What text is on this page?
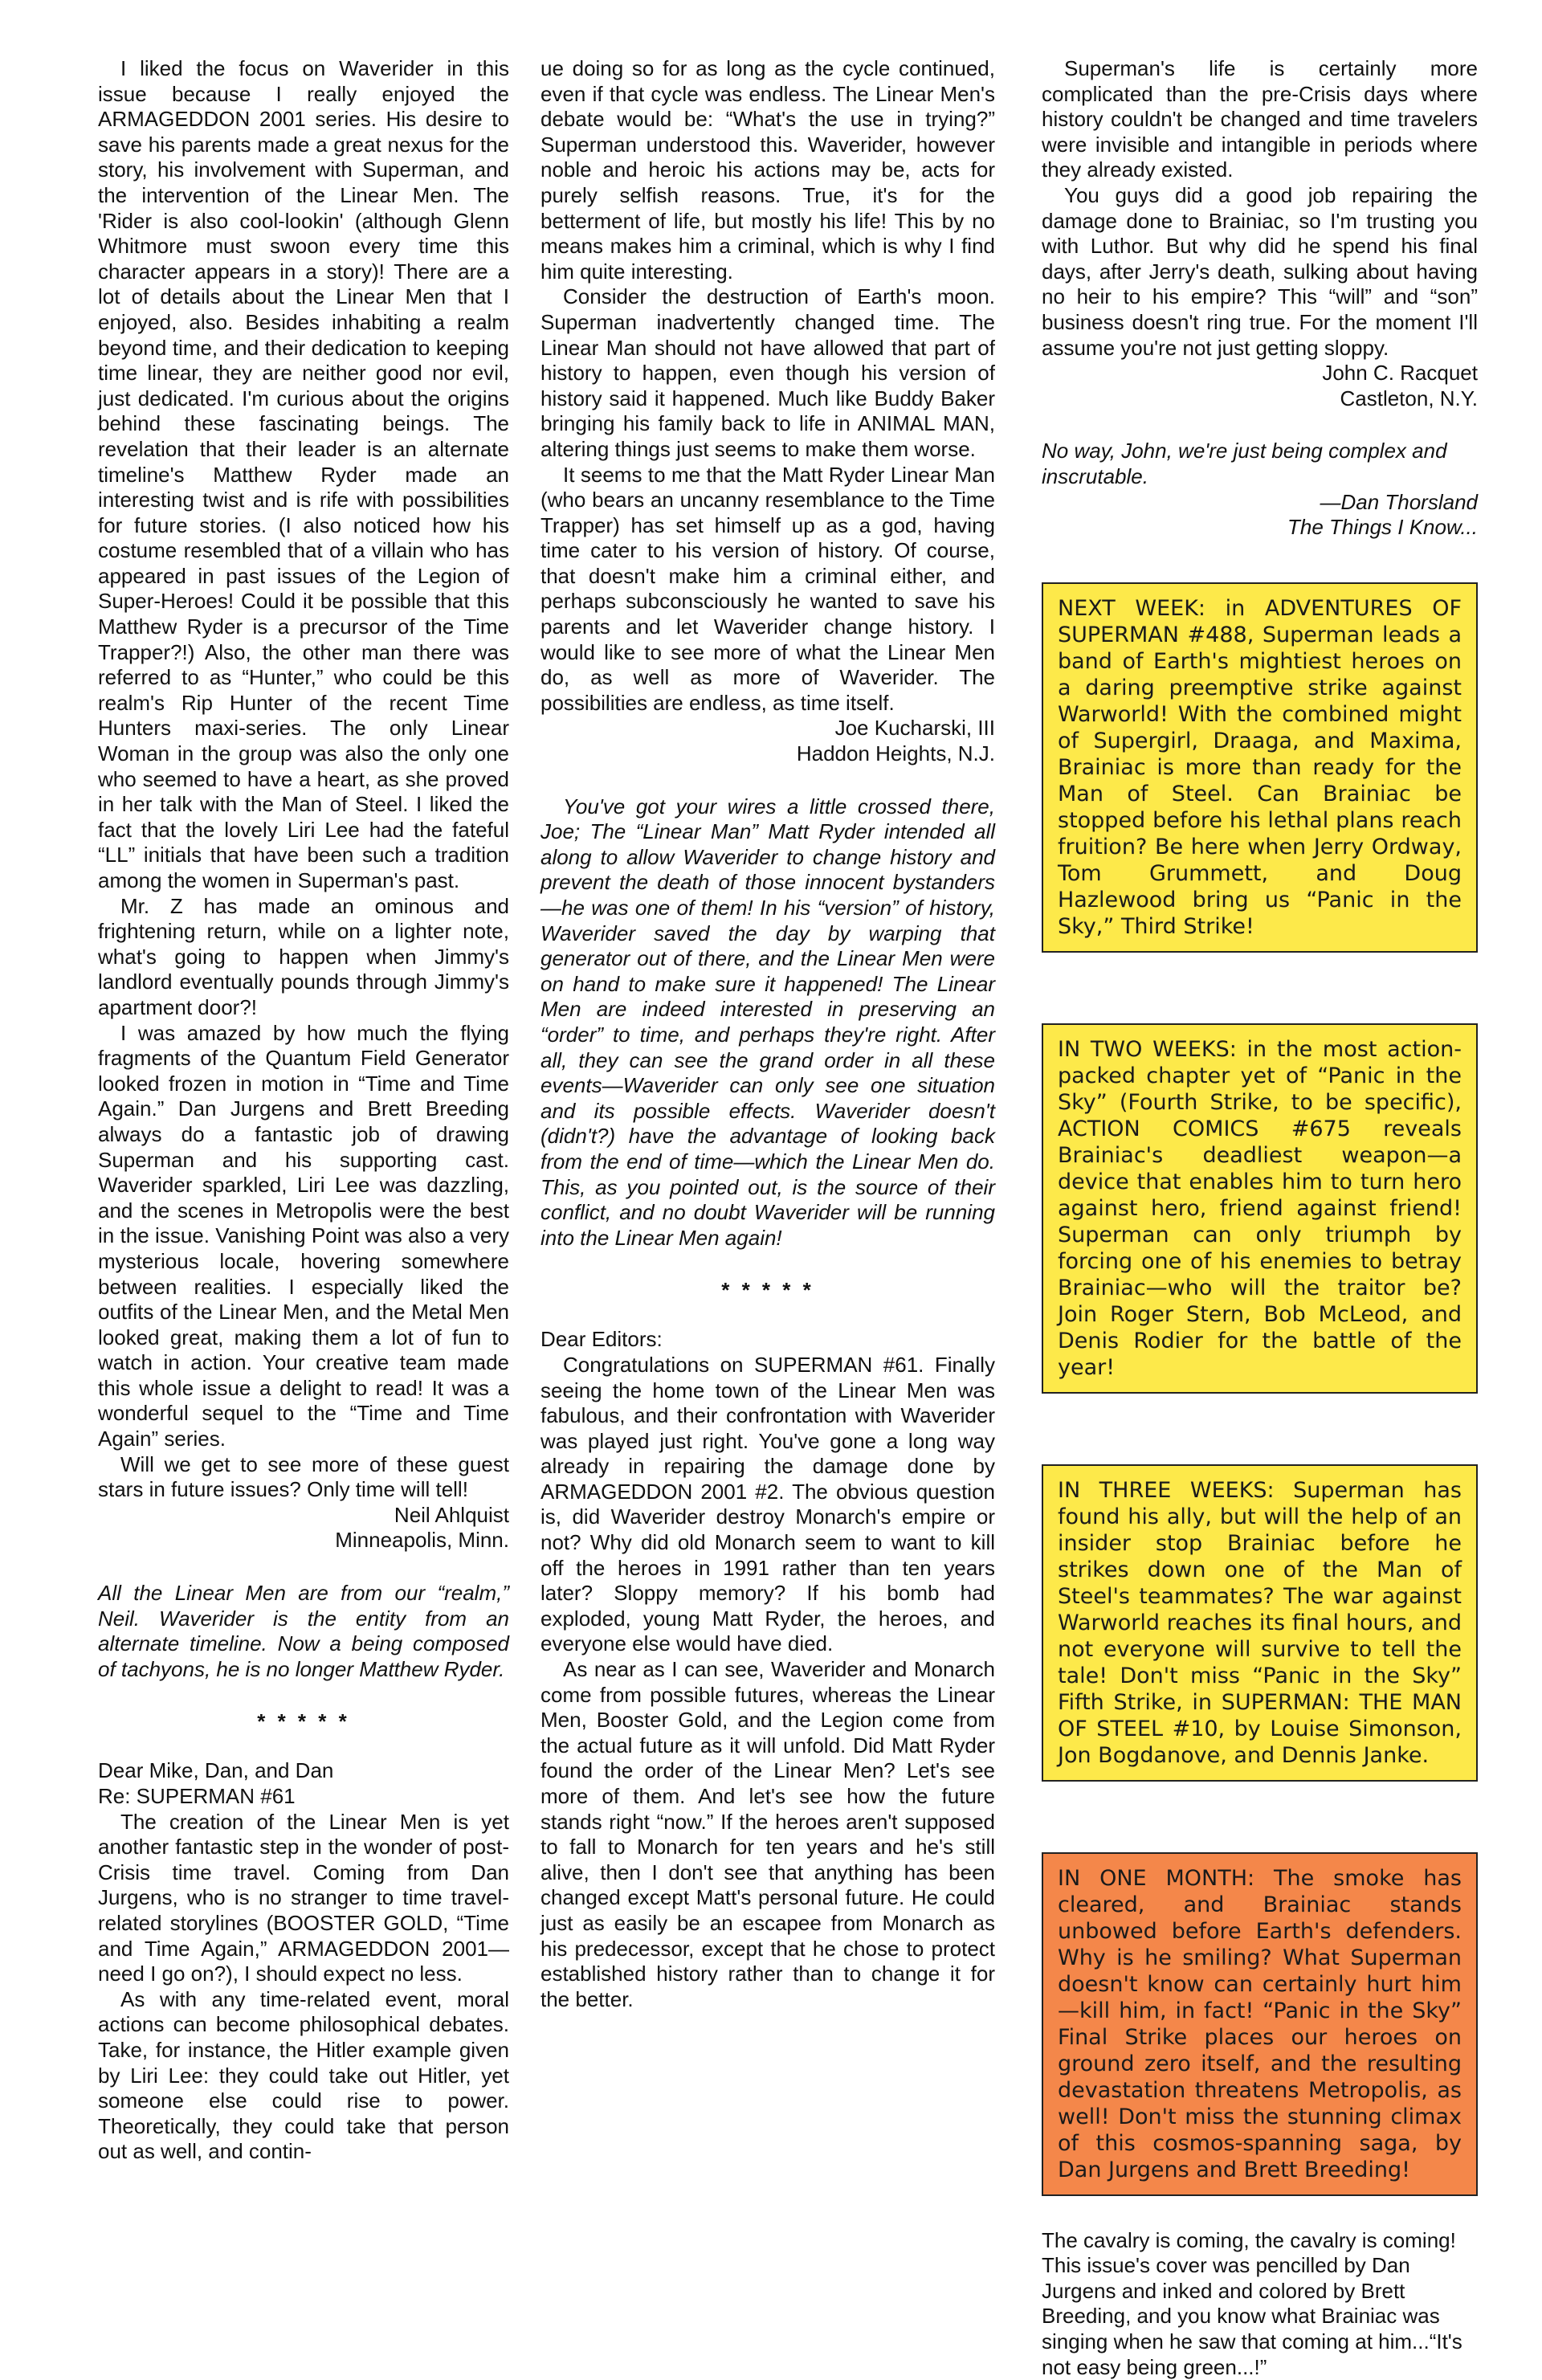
I liked the focus on Waverider in this issue because I really enjoyed the ARMAGEDDON 2001 series. His desire to save his parents made a great nexus for the story, his involvement with Superman, and the intervention of the Linear Men. The 'Rider is also cool-lookin' (although Glenn Whitmore must swoon every time this character appears in a story)! There are a lot of details about the Linear Men that I enjoyed, also. Besides inhabiting a realm beyond time, and their dedication to keeping time linear, they are neither good nor evil, just dedicated. I'm curious about the origins behind these fascinating beings. The revelation that their leader is an alternate timeline's Matthew Ryder made an interesting twist and is rife with possibilities for future stories. (I also noticed how his costume resembled that of a villain who has appeared in past issues of the Legion of Super-Heroes! Could it be possible that this Matthew Ryder is a precursor of the Time Trapper?!) Also, the other man there was referred to as “Hunter,” who could be this realm's Rip Hunter of the recent Time Hunters maxi-series. The only Linear Woman in the group was also the only one who seemed to have a heart, as she proved in her talk with the Man of Steel. I liked the fact that the lovely Liri Lee had the fateful “LL” initials that have been such a tradition among the women in Superman's past.

Mr. Z has made an ominous and frightening return, while on a lighter note, what's going to happen when Jimmy's landlord eventually pounds through Jimmy's apartment door?!

I was amazed by how much the flying fragments of the Quantum Field Generator looked frozen in motion in “Time and Time Again.” Dan Jurgens and Brett Breeding always do a fantastic job of drawing Superman and his supporting cast. Waverider sparkled, Liri Lee was dazzling, and the scenes in Metropolis were the best in the issue. Vanishing Point was also a very mysterious locale, hovering somewhere between realities. I especially liked the outfits of the Linear Men, and the Metal Men looked great, making them a lot of fun to watch in action. Your creative team made this whole issue a delight to read! It was a wonderful sequel to the “Time and Time Again” series.

Will we get to see more of these guest stars in future issues? Only time will tell!

Neil Ahlquist

Minneapolis, Minn.

All the Linear Men are from our “realm,” Neil. Waverider is the entity from an alternate timeline. Now a being composed of tachyons, he is no longer Matthew Ryder.

* * * * *

Dear Mike, Dan, and Dan

Re: SUPERMAN #61

The creation of the Linear Men is yet another fantastic step in the wonder of post-Crisis time travel. Coming from Dan Jurgens, who is no stranger to time travel-related storylines (BOOSTER GOLD, “Time and Time Again,” ARMAGEDDON 2001—need I go on?), I should expect no less.

As with any time-related event, moral actions can become philosophical debates. Take, for instance, the Hitler example given by Liri Lee: they could take out Hitler, yet someone else could rise to power. Theoretically, they could take that person out as well, and contin-

ue doing so for as long as the cycle continued, even if that cycle was endless. The Linear Men's debate would be: “What's the use in trying?” Superman understood this. Waverider, however noble and heroic his actions may be, acts for purely selfish reasons. True, it's for the betterment of life, but mostly his life! This by no means makes him a criminal, which is why I find him quite interesting.

Consider the destruction of Earth's moon. Superman inadvertently changed time. The Linear Man should not have allowed that part of history to happen, even though his version of history said it happened. Much like Buddy Baker bringing his family back to life in ANIMAL MAN, altering things just seems to make them worse.

It seems to me that the Matt Ryder Linear Man (who bears an uncanny resemblance to the Time Trapper) has set himself up as a god, having time cater to his version of history. Of course, that doesn't make him a criminal either, and perhaps subconsciously he wanted to save his parents and let Waverider change history. I would like to see more of what the Linear Men do, as well as more of Waverider. The possibilities are endless, as time itself.

Joe Kucharski, III

Haddon Heights, N.J.

You've got your wires a little crossed there, Joe; The “Linear Man” Matt Ryder intended all along to allow Waverider to change history and prevent the death of those innocent bystanders—he was one of them! In his “version” of history, Waverider saved the day by warping that generator out of there, and the Linear Men were on hand to make sure it happened! The Linear Men are indeed interested in preserving an “order” to time, and perhaps they're right. After all, they can see the grand order in all these events—Waverider can only see one situation and its possible effects. Waverider doesn't (didn't?) have the advantage of looking back from the end of time—which the Linear Men do. This, as you pointed out, is the source of their conflict, and no doubt Waverider will be running into the Linear Men again!

* * * * *

Dear Editors:

Congratulations on SUPERMAN #61. Finally seeing the home town of the Linear Men was fabulous, and their confrontation with Waverider was played just right. You've gone a long way already in repairing the damage done by ARMAGEDDON 2001 #2. The obvious question is, did Waverider destroy Monarch's empire or not? Why did old Monarch seem to want to kill off the heroes in 1991 rather than ten years later? Sloppy memory? If his bomb had exploded, young Matt Ryder, the heroes, and everyone else would have died.

As near as I can see, Waverider and Monarch come from possible futures, whereas the Linear Men, Booster Gold, and the Legion come from the actual future as it will unfold. Did Matt Ryder found the order of the Linear Men? Let's see more of them. And let's see how the future stands right “now.” If the heroes aren't supposed to fall to Monarch for ten years and he's still alive, then I don't see that anything has been changed except Matt's personal future. He could just as easily be an escapee from Monarch as his predecessor, except that he chose to protect established history rather than to change it for the better.

Superman's life is certainly more complicated than the pre-Crisis days where history couldn't be changed and time travelers were invisible and intangible in periods where they already existed.

You guys did a good job repairing the damage done to Brainiac, so I'm trusting you with Luthor. But why did he spend his final days, after Jerry's death, sulking about having no heir to his empire? This “will” and “son” business doesn't ring true. For the moment I'll assume you're not just getting sloppy.

John C. Racquet

Castleton, N.Y.

No way, John, we're just being complex and inscrutable.

—Dan Thorsland

The Things I Know...

NEXT WEEK: in ADVENTURES OF SUPERMAN #488, Superman leads a band of Earth's mightiest heroes on a daring preemptive strike against Warworld! With the combined might of Supergirl, Draaga, and Maxima, Brainiac is more than ready for the Man of Steel. Can Brainiac be stopped before his lethal plans reach fruition? Be here when Jerry Ordway, Tom Grummett, and Doug Hazlewood bring us “Panic in the Sky,” Third Strike!
IN TWO WEEKS: in the most action-packed chapter yet of “Panic in the Sky” (Fourth Strike, to be specific), ACTION COMICS #675 reveals Brainiac's deadliest weapon—a device that enables him to turn hero against hero, friend against friend! Superman can only triumph by forcing one of his enemies to betray Brainiac—who will the traitor be? Join Roger Stern, Bob McLeod, and Denis Rodier for the battle of the year!
IN THREE WEEKS: Superman has found his ally, but will the help of an insider stop Brainiac before he strikes down one of the Man of Steel's teammates? The war against Warworld reaches its final hours, and not everyone will survive to tell the tale! Don't miss “Panic in the Sky” Fifth Strike, in SUPERMAN: THE MAN OF STEEL #10, by Louise Simonson, Jon Bogdanove, and Dennis Janke.
IN ONE MONTH: The smoke has cleared, and Brainiac stands unbowed before Earth's defenders. Why is he smiling? What Superman doesn't know can certainly hurt him—kill him, in fact! “Panic in the Sky” Final Strike places our heroes on ground zero itself, and the resulting devastation threatens Metropolis, as well! Don't miss the stunning climax of this cosmos-spanning saga, by Dan Jurgens and Brett Breeding!

The cavalry is coming, the cavalry is coming! This issue's cover was pencilled by Dan Jurgens and inked and colored by Brett Breeding, and you know what Brainiac was singing when he saw that coming at him...“It's not easy being green...!”
